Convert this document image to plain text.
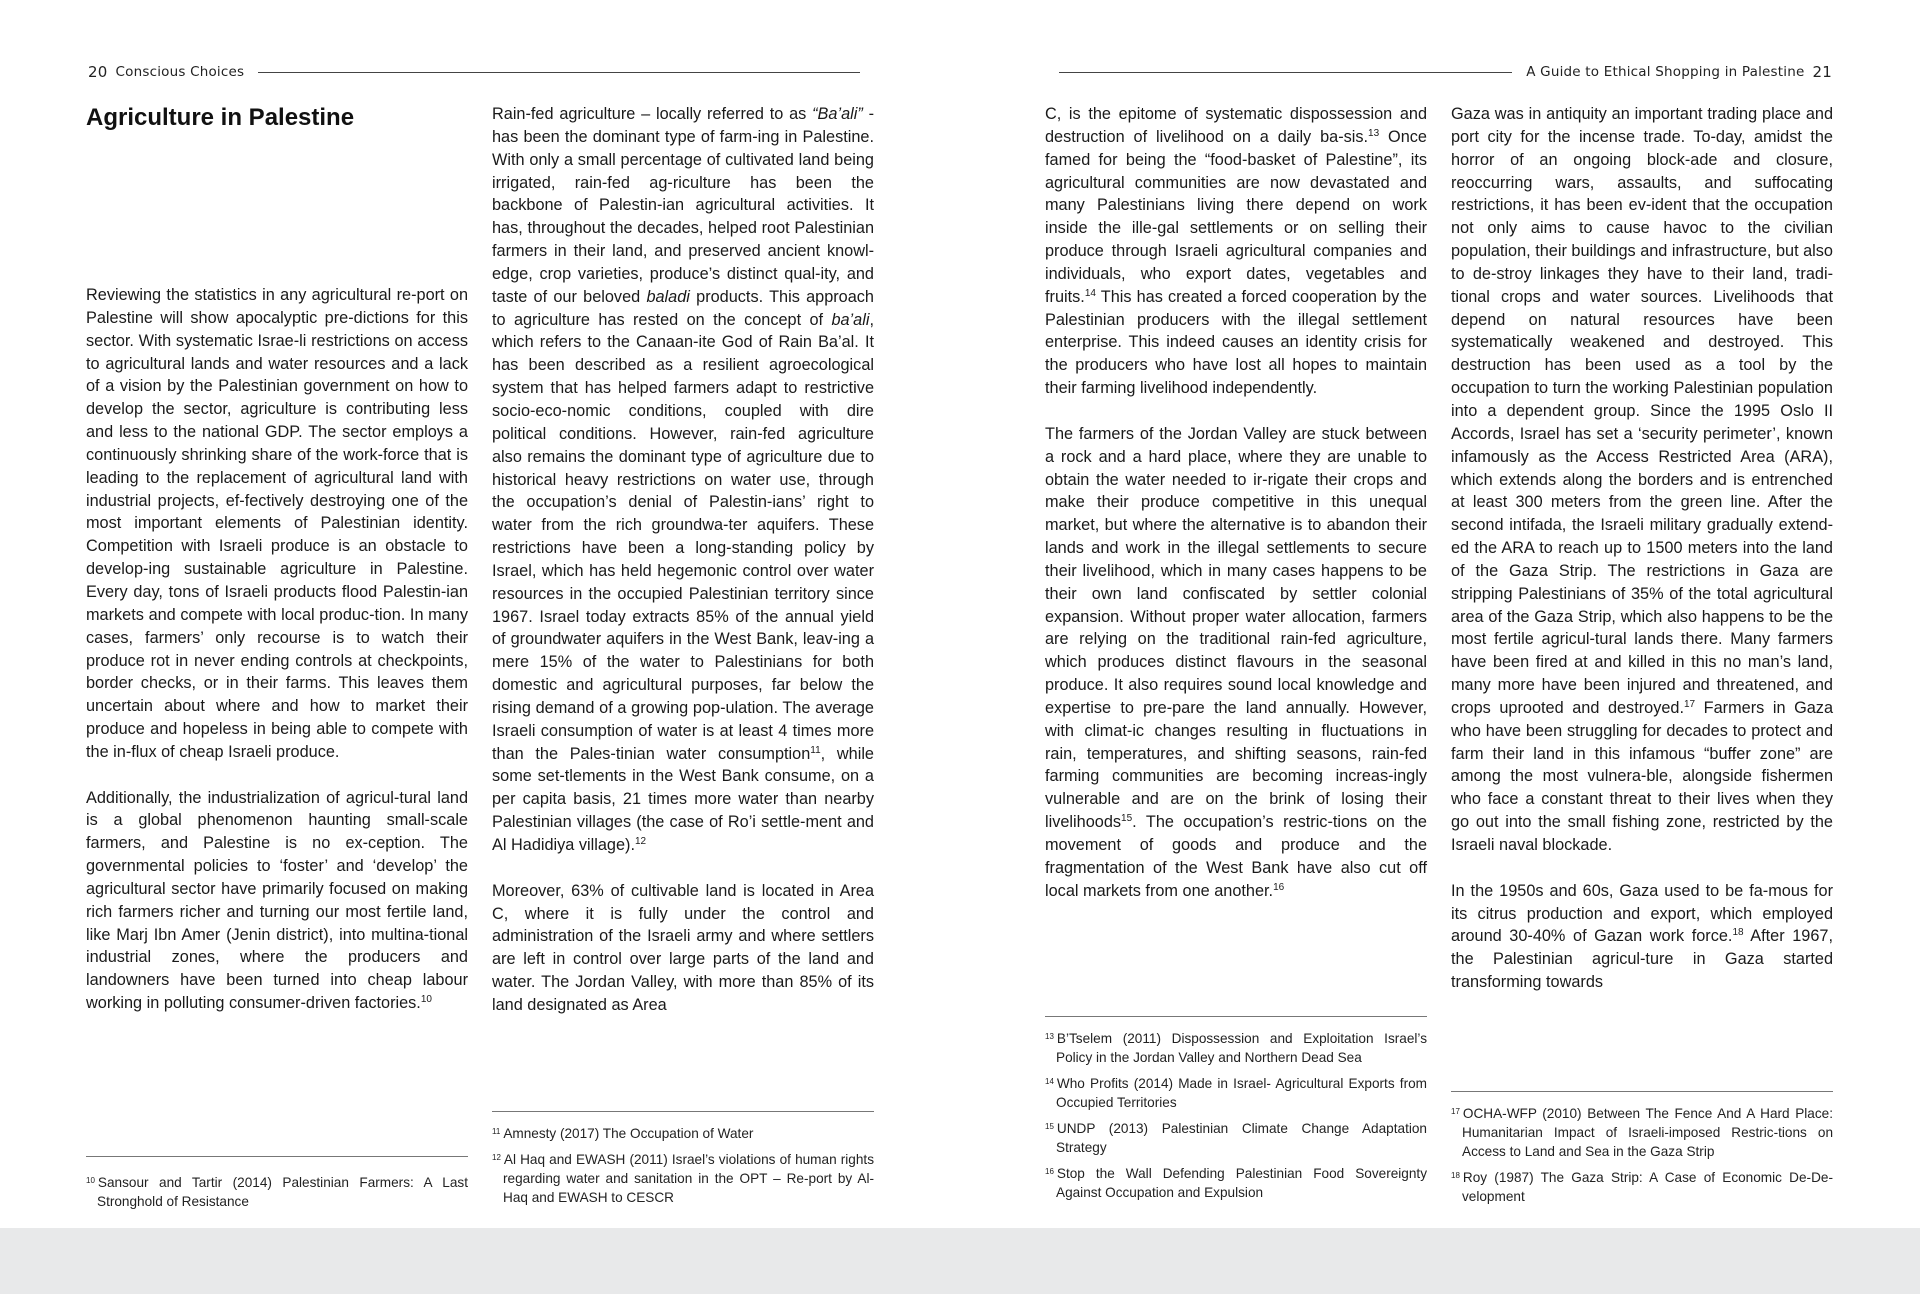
20 Conscious Choices
Agriculture in Palestine

Reviewing the statistics in any agricultural re-port on Palestine will show apocalyptic pre-dictions for this sector. With systematic Israe-li restrictions on access to agricultural lands and water resources and a lack of a vision by the Palestinian government on how to develop the sector, agriculture is contributing less and less to the national GDP. The sector employs a continuously shrinking share of the work-force that is leading to the replacement of agricultural land with industrial projects, ef-fectively destroying one of the most important elements of Palestinian identity. Competition with Israeli produce is an obstacle to develop-ing sustainable agriculture in Palestine. Every day, tons of Israeli products flood Palestin-ian markets and compete with local produc-tion. In many cases, farmers’ only recourse is to watch their produce rot in never ending controls at checkpoints, border checks, or in their farms. This leaves them uncertain about where and how to market their produce and hopeless in being able to compete with the in-flux of cheap Israeli produce.

Additionally, the industrialization of agricul-tural land is a global phenomenon haunting small-scale farmers, and Palestine is no ex-ception. The governmental policies to ‘foster’ and ‘develop’ the agricultural sector have primarily focused on making rich farmers richer and turning our most fertile land, like Marj Ibn Amer (Jenin district), into multina-tional industrial zones, where the producers and landowners have been turned into cheap labour working in polluting consumer-driven factories.$^{10}$

$^{10}$ Sansour and Tartir (2014) Palestinian Farmers: A Last Stronghold of Resistance

Rain-fed agriculture – locally referred to as “Ba’ali” - has been the dominant type of farm-ing in Palestine. With only a small percentage of cultivated land being irrigated, rain-fed ag-riculture has been the backbone of Palestin-ian agricultural activities. It has, throughout the decades, helped root Palestinian farmers in their land, and preserved ancient knowl-edge, crop varieties, produce’s distinct qual-ity, and taste of our beloved baladi products. This approach to agriculture has rested on the concept of ba’ali, which refers to the Canaan-ite God of Rain Ba’al. It has been described as a resilient agroecological system that has helped farmers adapt to restrictive socio-eco-nomic conditions, coupled with dire political conditions. However, rain-fed agriculture also remains the dominant type of agriculture due to historical heavy restrictions on water use, through the occupation’s denial of Palestin-ians’ right to water from the rich groundwa-ter aquifers. These restrictions have been a long-standing policy by Israel, which has held hegemonic control over water resources in the occupied Palestinian territory since 1967. Israel today extracts 85% of the annual yield of groundwater aquifers in the West Bank, leav-ing a mere 15% of the water to Palestinians for both domestic and agricultural purposes, far below the rising demand of a growing pop-ulation. The average Israeli consumption of water is at least 4 times more than the Pales-tinian water consumption$^{11}$, while some set-tlements in the West Bank consume, on a per capita basis, 21 times more water than nearby Palestinian villages (the case of Ro’i settle-ment and Al Hadidiya village).$^{12}$

Moreover, 63% of cultivable land is located in Area C, where it is fully under the control and administration of the Israeli army and where settlers are left in control over large parts of the land and water. The Jordan Valley, with more than 85% of its land designated as Area

$^{11}$ Amnesty (2017) The Occupation of Water
$^{12}$ Al Haq and EWASH (2011) Israel’s violations of human rights regarding water and sanitation in the OPT – Re-port by Al-Haq and EWASH to CESCR
A Guide to Ethical Shopping in Palestine 21

C, is the epitome of systematic dispossession and destruction of livelihood on a daily ba-sis.$^{13}$ Once famed for being the “food-basket of Palestine”, its agricultural communities are now devastated and many Palestinians living there depend on work inside the ille-gal settlements or on selling their produce through Israeli agricultural companies and individuals, who export dates, vegetables and fruits.$^{14}$ This has created a forced cooperation by the Palestinian producers with the illegal settlement enterprise. This indeed causes an identity crisis for the producers who have lost all hopes to maintain their farming livelihood independently.

The farmers of the Jordan Valley are stuck between a rock and a hard place, where they are unable to obtain the water needed to ir-rigate their crops and make their produce competitive in this unequal market, but where the alternative is to abandon their lands and work in the illegal settlements to secure their livelihood, which in many cases happens to be their own land confiscated by settler colonial expansion. Without proper water allocation, farmers are relying on the traditional rain-fed agriculture, which produces distinct flavours in the seasonal produce. It also requires sound local knowledge and expertise to pre-pare the land annually. However, with climat-ic changes resulting in fluctuations in rain, temperatures, and shifting seasons, rain-fed farming communities are becoming increas-ingly vulnerable and are on the brink of losing their livelihoods$^{15}$. The occupation’s restric-tions on the movement of goods and produce and the fragmentation of the West Bank have also cut off local markets from one another.$^{16}$

$^{13}$ B’Tselem (2011) Dispossession and Exploitation Israel’s Policy in the Jordan Valley and Northern Dead Sea
$^{14}$ Who Profits (2014) Made in Israel- Agricultural Exports from Occupied Territories
$^{15}$ UNDP (2013) Palestinian Climate Change Adaptation Strategy
$^{16}$ Stop the Wall Defending Palestinian Food Sovereignty Against Occupation and Expulsion

Gaza was in antiquity an important trading place and port city for the incense trade. To-day, amidst the horror of an ongoing block-ade and closure, reoccurring wars, assaults, and suffocating restrictions, it has been ev-ident that the occupation not only aims to cause havoc to the civilian population, their buildings and infrastructure, but also to de-stroy linkages they have to their land, tradi-tional crops and water sources. Livelihoods that depend on natural resources have been systematically weakened and destroyed. This destruction has been used as a tool by the occupation to turn the working Palestinian population into a dependent group. Since the 1995 Oslo II Accords, Israel has set a ‘security perimeter’, known infamously as the Access Restricted Area (ARA), which extends along the borders and is entrenched at least 300 meters from the green line. After the second intifada, the Israeli military gradually extend-ed the ARA to reach up to 1500 meters into the land of the Gaza Strip. The restrictions in Gaza are stripping Palestinians of 35% of the total agricultural area of the Gaza Strip, which also happens to be the most fertile agricul-tural lands there. Many farmers have been fired at and killed in this no man’s land, many more have been injured and threatened, and crops uprooted and destroyed.$^{17}$ Farmers in Gaza who have been struggling for decades to protect and farm their land in this infamous “buffer zone” are among the most vulnera-ble, alongside fishermen who face a constant threat to their lives when they go out into the small fishing zone, restricted by the Israeli naval blockade.

In the 1950s and 60s, Gaza used to be fa-mous for its citrus production and export, which employed around 30-40% of Gazan work force.$^{18}$ After 1967, the Palestinian agricul-ture in Gaza started transforming towards

$^{17}$ OCHA-WFP (2010) Between The Fence And A Hard Place: Humanitarian Impact of Israeli-imposed Restric-tions on Access to Land and Sea in the Gaza Strip
$^{18}$ Roy (1987) The Gaza Strip: A Case of Economic De-De-velopment
